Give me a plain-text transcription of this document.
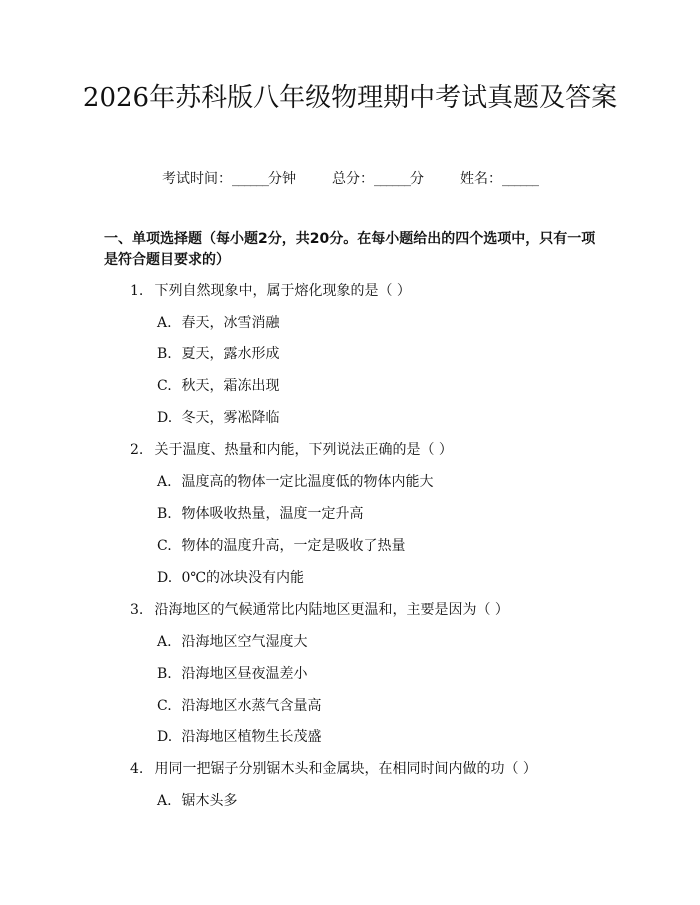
2026年苏科版八年级物理期中考试真题及答案
考试时间：______分钟	总分：______分	姓名：______

一、单项选择题（每小题2分，共20分。在每小题给出的四个选项中，只有一项是符合题目要求的）

1. 下列自然现象中，属于熔化现象的是（ ）
A. 春天，冰雪消融
B. 夏天，露水形成
C. 秋天，霜冻出现
D. 冬天，雾凇降临
2. 关于温度、热量和内能，下列说法正确的是（ ）
A. 温度高的物体一定比温度低的物体内能大
B. 物体吸收热量，温度一定升高
C. 物体的温度升高，一定是吸收了热量
D. 0℃的冰块没有内能
3. 沿海地区的气候通常比内陆地区更温和，主要是因为（ ）
A. 沿海地区空气湿度大
B. 沿海地区昼夜温差小
C. 沿海地区水蒸气含量高
D. 沿海地区植物生长茂盛
4. 用同一把锯子分别锯木头和金属块，在相同时间内做的功（ ）
A. 锯木头多
